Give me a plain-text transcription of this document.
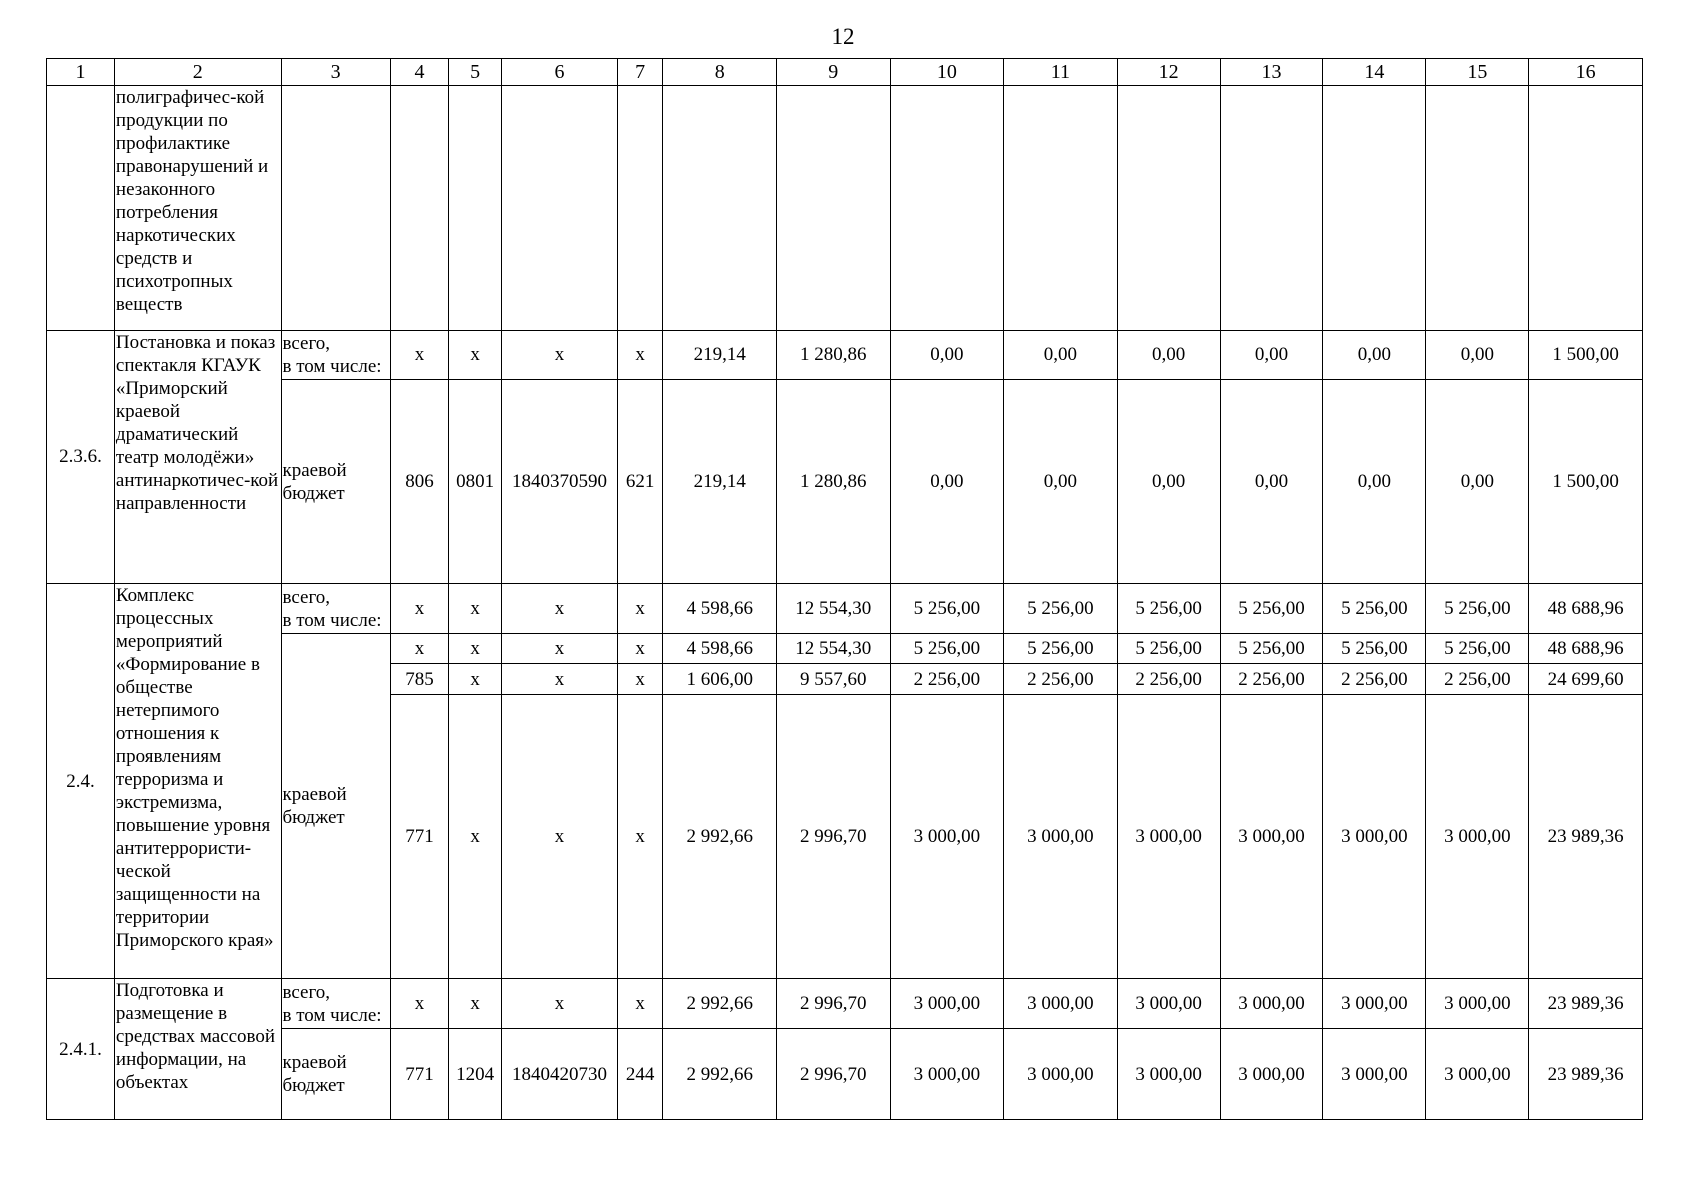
12
1	2	3	4	5	6	7	8	9	10	11	12	13	14	15	16
	полиграфичес-кой продукции по профилактике правонарушений и незаконного потребления наркотических средств и психотропных веществ														
2.3.6.	Постановка и показ спектакля КГАУК «Приморский краевой драматический театр молодёжи» антинаркотичес-кой направленности	всего,
в том числе:	x	x	x	x	219,14	1 280,86	0,00	0,00	0,00	0,00	0,00	0,00	1 500,00

		краевой
бюджет	806	0801	1840370590	621	219,14	1 280,86	0,00	0,00	0,00	0,00	0,00	0,00	1 500,00
2.4.	Комплекс процессных мероприятий «Формирование в обществе нетерпимого отношения к проявлениям терроризма и экстремизма, повышение уровня антитеррористи-ческой защищенности на территории Приморского края»	всего,
в том числе:	x	x	x	x	4 598,66	12 554,30	5 256,00	5 256,00	5 256,00	5 256,00	5 256,00	5 256,00	48 688,96

		краевой
бюджет	x	x	x	x	4 598,66	12 554,30	5 256,00	5 256,00	5 256,00	5 256,00	5 256,00	5 256,00	48 688,96
			785	x	x	x	1 606,00	9 557,60	2 256,00	2 256,00	2 256,00	2 256,00	2 256,00	2 256,00	24 699,60
			771	x	x	x	2 992,66	2 996,70	3 000,00	3 000,00	3 000,00	3 000,00	3 000,00	3 000,00	23 989,36
2.4.1.	Подготовка и размещение в средствах массовой информации, на объектах	всего,
в том числе:	x	x	x	x	2 992,66	2 996,70	3 000,00	3 000,00	3 000,00	3 000,00	3 000,00	3 000,00	23 989,36

		краевой
бюджет	771	1204	1840420730	244	2 992,66	2 996,70	3 000,00	3 000,00	3 000,00	3 000,00	3 000,00	3 000,00	23 989,36
